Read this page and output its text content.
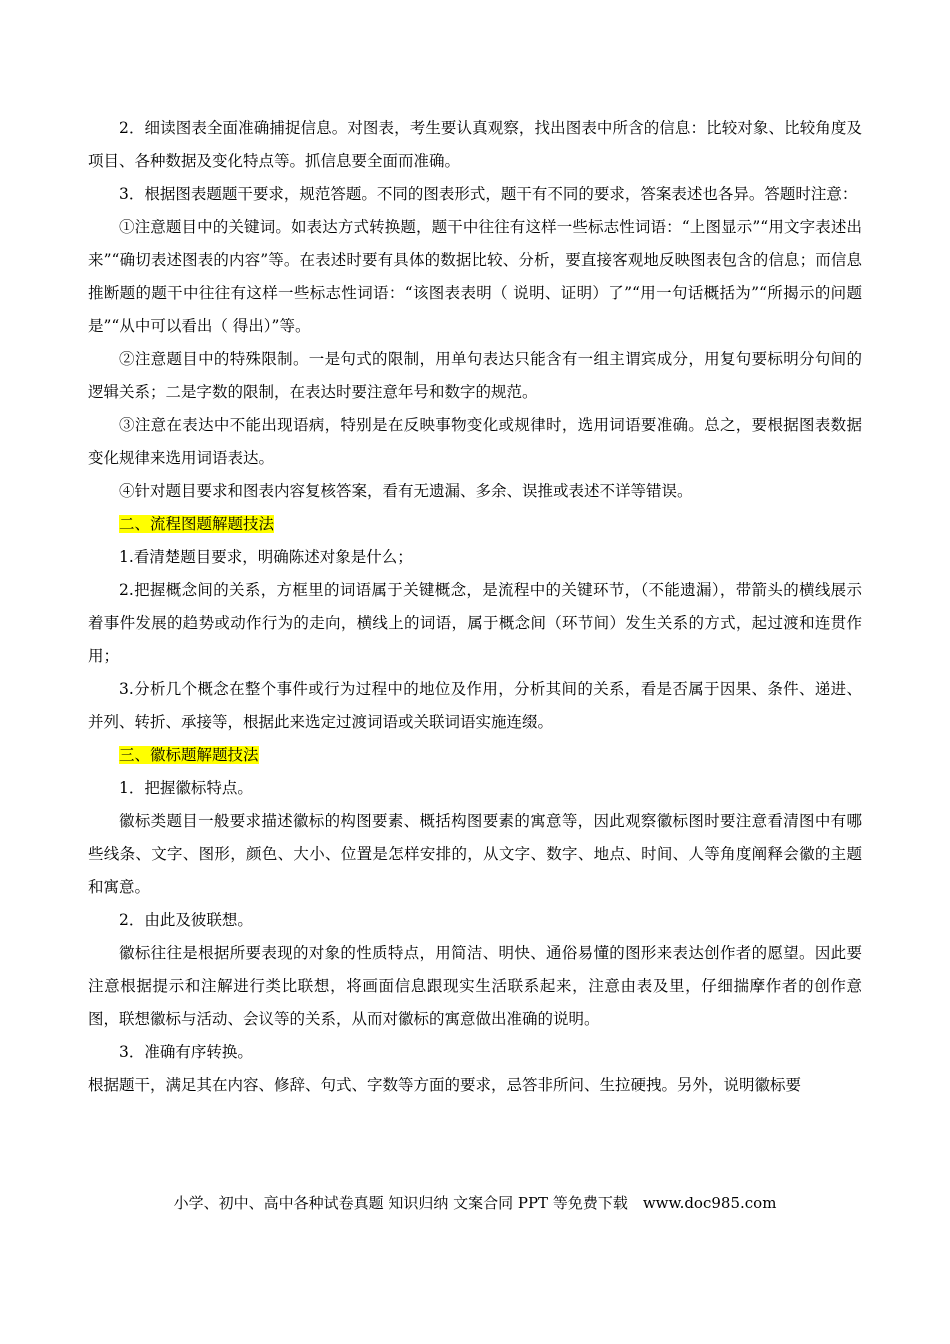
2．细读图表全面准确捕捉信息。对图表，考生要认真观察，找出图表中所含的信息：比较对象、比较角度及项目、各种数据及变化特点等。抓信息要全面而准确。

3．根据图表题题干要求，规范答题。不同的图表形式，题干有不同的要求，答案表述也各异。答题时注意：

①注意题目中的关键词。如表达方式转换题，题干中往往有这样一些标志性词语：“上图显示”“用文字表述出来”“确切表述图表的内容”等。在表述时要有具体的数据比较、分析，要直接客观地反映图表包含的信息；而信息推断题的题干中往往有这样一些标志性词语：“该图表表明（ 说明、证明）了”“用一句话概括为”“所揭示的问题是”“从中可以看出（ 得出）”等。

②注意题目中的特殊限制。一是句式的限制，用单句表达只能含有一组主谓宾成分，用复句要标明分句间的逻辑关系；二是字数的限制，在表达时要注意年号和数字的规范。

③注意在表达中不能出现语病，特别是在反映事物变化或规律时，选用词语要准确。总之，要根据图表数据变化规律来选用词语表达。

④针对题目要求和图表内容复核答案，看有无遗漏、多余、误推或表述不详等错误。

二、流程图题解题技法

1.看清楚题目要求，明确陈述对象是什么；

2.把握概念间的关系，方框里的词语属于关键概念，是流程中的关键环节，（不能遗漏），带箭头的横线展示着事件发展的趋势或动作行为的走向，横线上的词语，属于概念间（环节间）发生关系的方式，起过渡和连贯作用；

3.分析几个概念在整个事件或行为过程中的地位及作用，分析其间的关系，看是否属于因果、条件、递进、并列、转折、承接等，根据此来选定过渡词语或关联词语实施连缀。

三、徽标题解题技法

1．把握徽标特点。

徽标类题目一般要求描述徽标的构图要素、概括构图要素的寓意等，因此观察徽标图时要注意看清图中有哪些线条、文字、图形，颜色、大小、位置是怎样安排的，从文字、数字、地点、时间、人等角度阐释会徽的主题和寓意。

2．由此及彼联想。

徽标往往是根据所要表现的对象的性质特点，用简洁、明快、通俗易懂的图形来表达创作者的愿望。因此要注意根据提示和注解进行类比联想，将画面信息跟现实生活联系起来，注意由表及里，仔细揣摩作者的创作意图，联想徽标与活动、会议等的关系，从而对徽标的寓意做出准确的说明。

3．准确有序转换。

根据题干，满足其在内容、修辞、句式、字数等方面的要求，忌答非所问、生拉硬拽。另外，说明徽标要

小学、初中、高中各种试卷真题 知识归纳 文案合同 PPT 等免费下载　www.doc985.com
